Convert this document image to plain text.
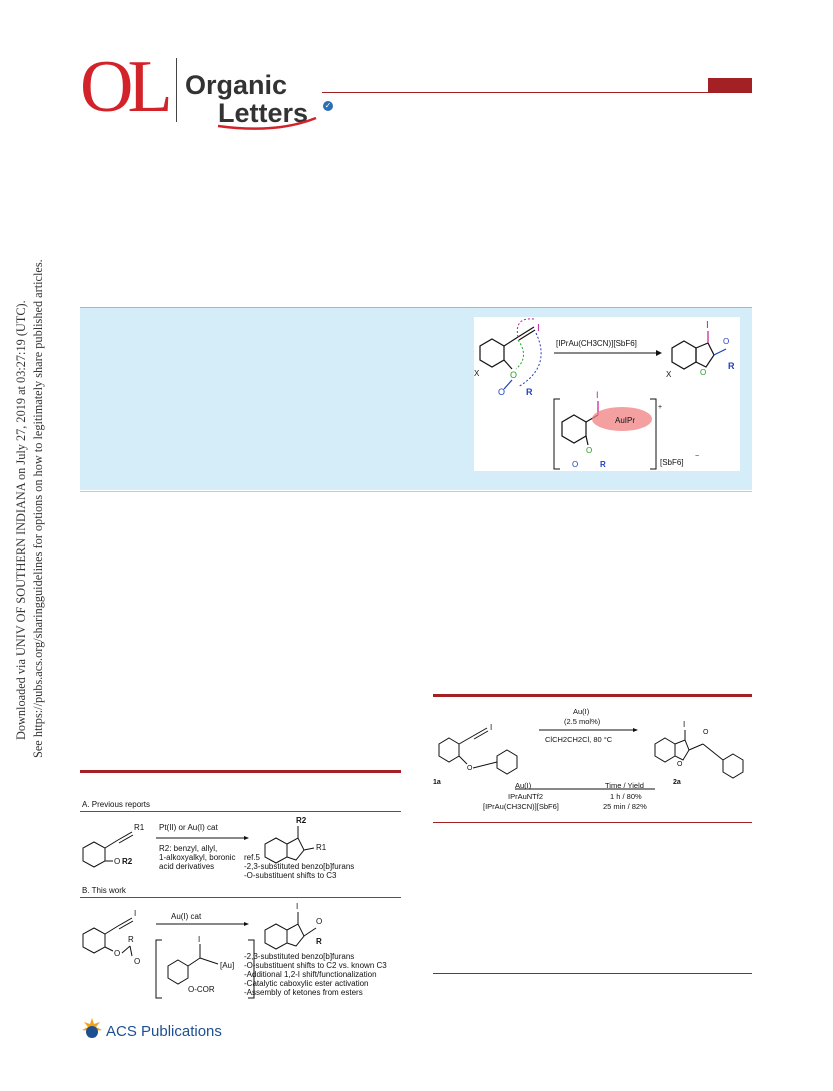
OL Organic
Letters ✓
Downloaded via UNIV OF SOUTHERN INDIANA on July 27, 2019 at 03:27:19 (UTC). See https://pubs.acs.org/sharingguidelines for options on how to legitimately share published articles.	I
X	O
O R
[IPrAu(CH3CN)][SbF6]
I
O
O
R
X
+
[SbF6]
−
I
AuIPr
O
O	R
I
O
1a
Au(I)
(2.5 mol%)
ClCH2CH2Cl, 80 °C
I
O
O
2a
Au(I)	Time / Yield
IPrAuNTf2	1 h / 80%
[IPrAu(CH3CN)][SbF6]	25 min / 82%
A. Previous reports
R1
O R2
R2
R1
Pt(II) or Au(I) cat
R2: benzyl, allyl,
1-alkoxyalkyl, boronic
acid derivatives
ref.5
-2,3-substituted benzo[b]furans
-O-substituent shifts to C3
B. This work
I
O
R
O
I
[Au]
O-COR
I
O
R
Au(I) cat
-2,3-substituted benzo[b]furans
-O-substituent shifts to C2 vs. known C3
-Additional 1,2-I shift/functionalization
-Catalytic caboxylic ester activation
-Assembly of ketones from esters
ACS Publications
